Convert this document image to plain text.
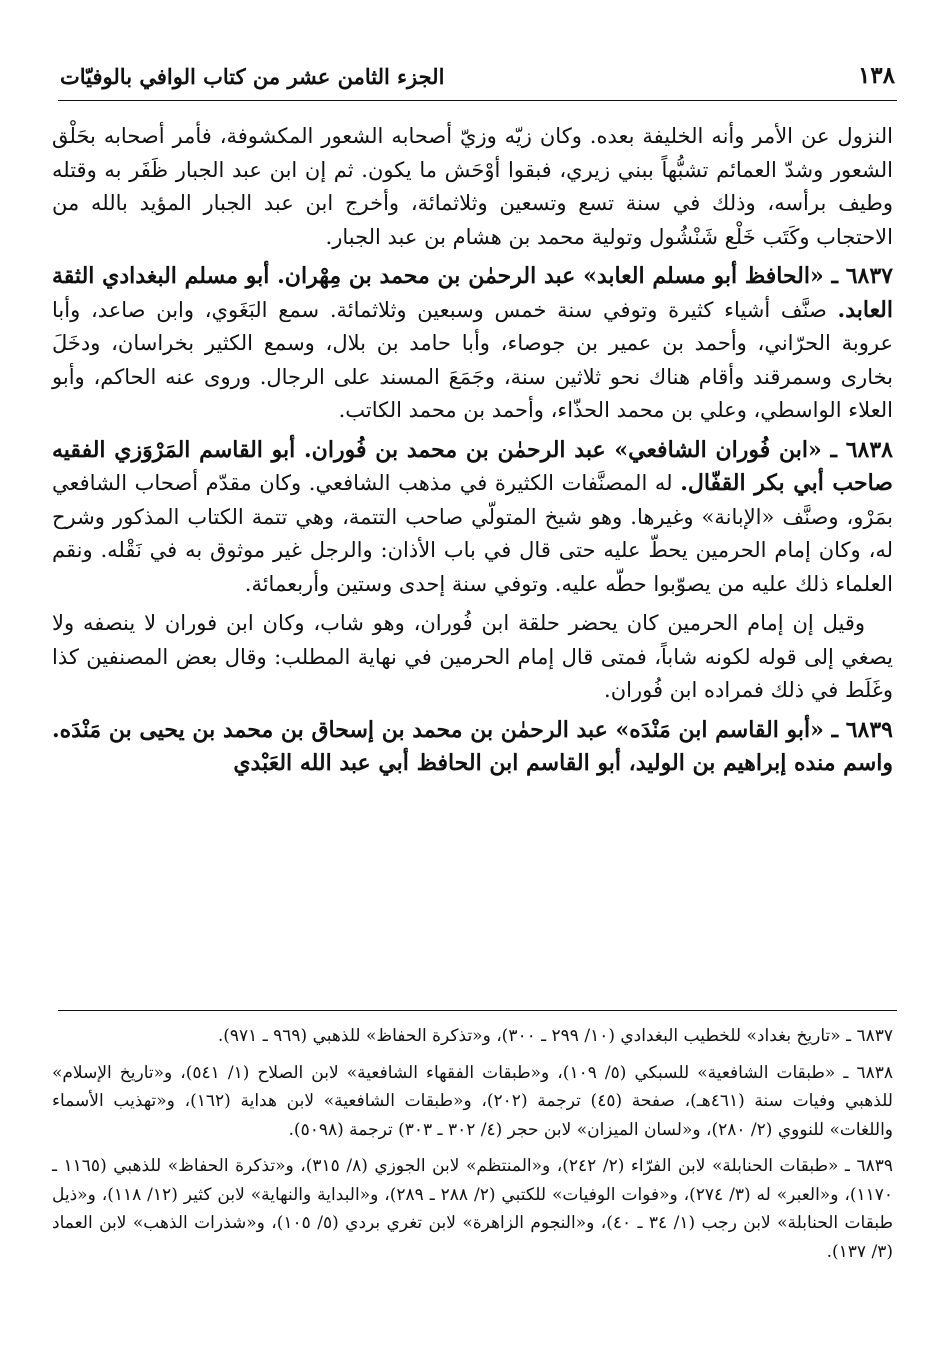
١٣٨
الجزء الثامن عشر من كتاب الوافي بالوفيّات

النزول عن الأمر وأنه الخليفة بعده. وكان زيّه وزيّ أصحابه الشعور المكشوفة، فأمر أصحابه بحَلْق الشعور وشدّ العمائم تشبُّهاً ببني زيري، فبقوا أوْحَش ما يكون. ثم إن ابن عبد الجبار ظَفَر به وقتله وطيف برأسه، وذلك في سنة تسع وتسعين وثلاثمائة، وأخرج ابن عبد الجبار المؤيد بالله من الاحتجاب وكَتَب خَلْع شَنْشُول وتولية محمد بن هشام بن عبد الجبار.

٦٨٣٧ ـ «الحافظ أبو مسلم العابد» عبد الرحمٰن بن محمد بن مِهْران. أبو مسلم البغدادي الثقة العابد. صنَّف أشياء كثيرة وتوفي سنة خمس وسبعين وثلاثمائة. سمع البَغَوي، وابن صاعد، وأبا عروبة الحرّاني، وأحمد بن عمير بن جوصاء، وأبا حامد بن بلال، وسمع الكثير بخراسان، ودخَلَ بخارى وسمرقند وأقام هناك نحو ثلاثين سنة، وجَمَعَ المسند على الرجال. وروى عنه الحاكم، وأبو العلاء الواسطي، وعلي بن محمد الحذّاء، وأحمد بن محمد الكاتب.

٦٨٣٨ ـ «ابن فُوران الشافعي» عبد الرحمٰن بن محمد بن فُوران. أبو القاسم المَرْوَزي الفقيه صاحب أبي بكر القفّال. له المصنَّفات الكثيرة في مذهب الشافعي. وكان مقدّم أصحاب الشافعي بمَرْو، وصنَّف «الإبانة» وغيرها. وهو شيخ المتولّي صاحب التتمة، وهي تتمة الكتاب المذكور وشرح له، وكان إمام الحرمين يحطّ عليه حتى قال في باب الأذان: والرجل غير موثوق به في نَقْله. ونقم العلماء ذلك عليه من يصوّبوا حطّه عليه. وتوفي سنة إحدى وستين وأربعمائة.

وقيل إن إمام الحرمين كان يحضر حلقة ابن فُوران، وهو شاب، وكان ابن فوران لا ينصفه ولا يصغي إلى قوله لكونه شاباً، فمتى قال إمام الحرمين في نهاية المطلب: وقال بعض المصنفين كذا وغَلَط في ذلك فمراده ابن فُوران.

٦٨٣٩ ـ «أبو القاسم ابن مَنْدَه» عبد الرحمٰن بن محمد بن إسحاق بن محمد بن يحيى بن مَنْدَه. واسم منده إبراهيم بن الوليد، أبو القاسم ابن الحافظ أبي عبد الله العَبْدي

٦٨٣٧ ـ «تاريخ بغداد» للخطيب البغدادي (١٠/ ٢٩٩ ـ ٣٠٠)، و«تذكرة الحفاظ» للذهبي (٩٦٩ ـ ٩٧١).

٦٨٣٨ ـ «طبقات الشافعية» للسبكي (٥/ ١٠٩)، و«طبقات الفقهاء الشافعية» لابن الصلاح (١/ ٥٤١)، و«تاريخ الإسلام» للذهبي وفيات سنة (٤٦١هـ)، صفحة (٤٥) ترجمة (٢٠٢)، و«طبقات الشافعية» لابن هداية (١٦٢)، و«تهذيب الأسماء واللغات» للنووي (٢/ ٢٨٠)، و«لسان الميزان» لابن حجر (٤/ ٣٠٢ ـ ٣٠٣) ترجمة (٥٠٩٨).

٦٨٣٩ ـ «طبقات الحنابلة» لابن الفرّاء (٢/ ٢٤٢)، و«المنتظم» لابن الجوزي (٨/ ٣١٥)، و«تذكرة الحفاظ» للذهبي (١١٦٥ ـ ١١٧٠)، و«العبر» له (٣/ ٢٧٤)، و«فوات الوفيات» للكتبي (٢/ ٢٨٨ ـ ٢٨٩)، و«البداية والنهاية» لابن كثير (١٢/ ١١٨)، و«ذيل طبقات الحنابلة» لابن رجب (١/ ٣٤ ـ ٤٠)، و«النجوم الزاهرة» لابن تغري بردي (٥/ ١٠٥)، و«شذرات الذهب» لابن العماد (٣/ ١٣٧).
